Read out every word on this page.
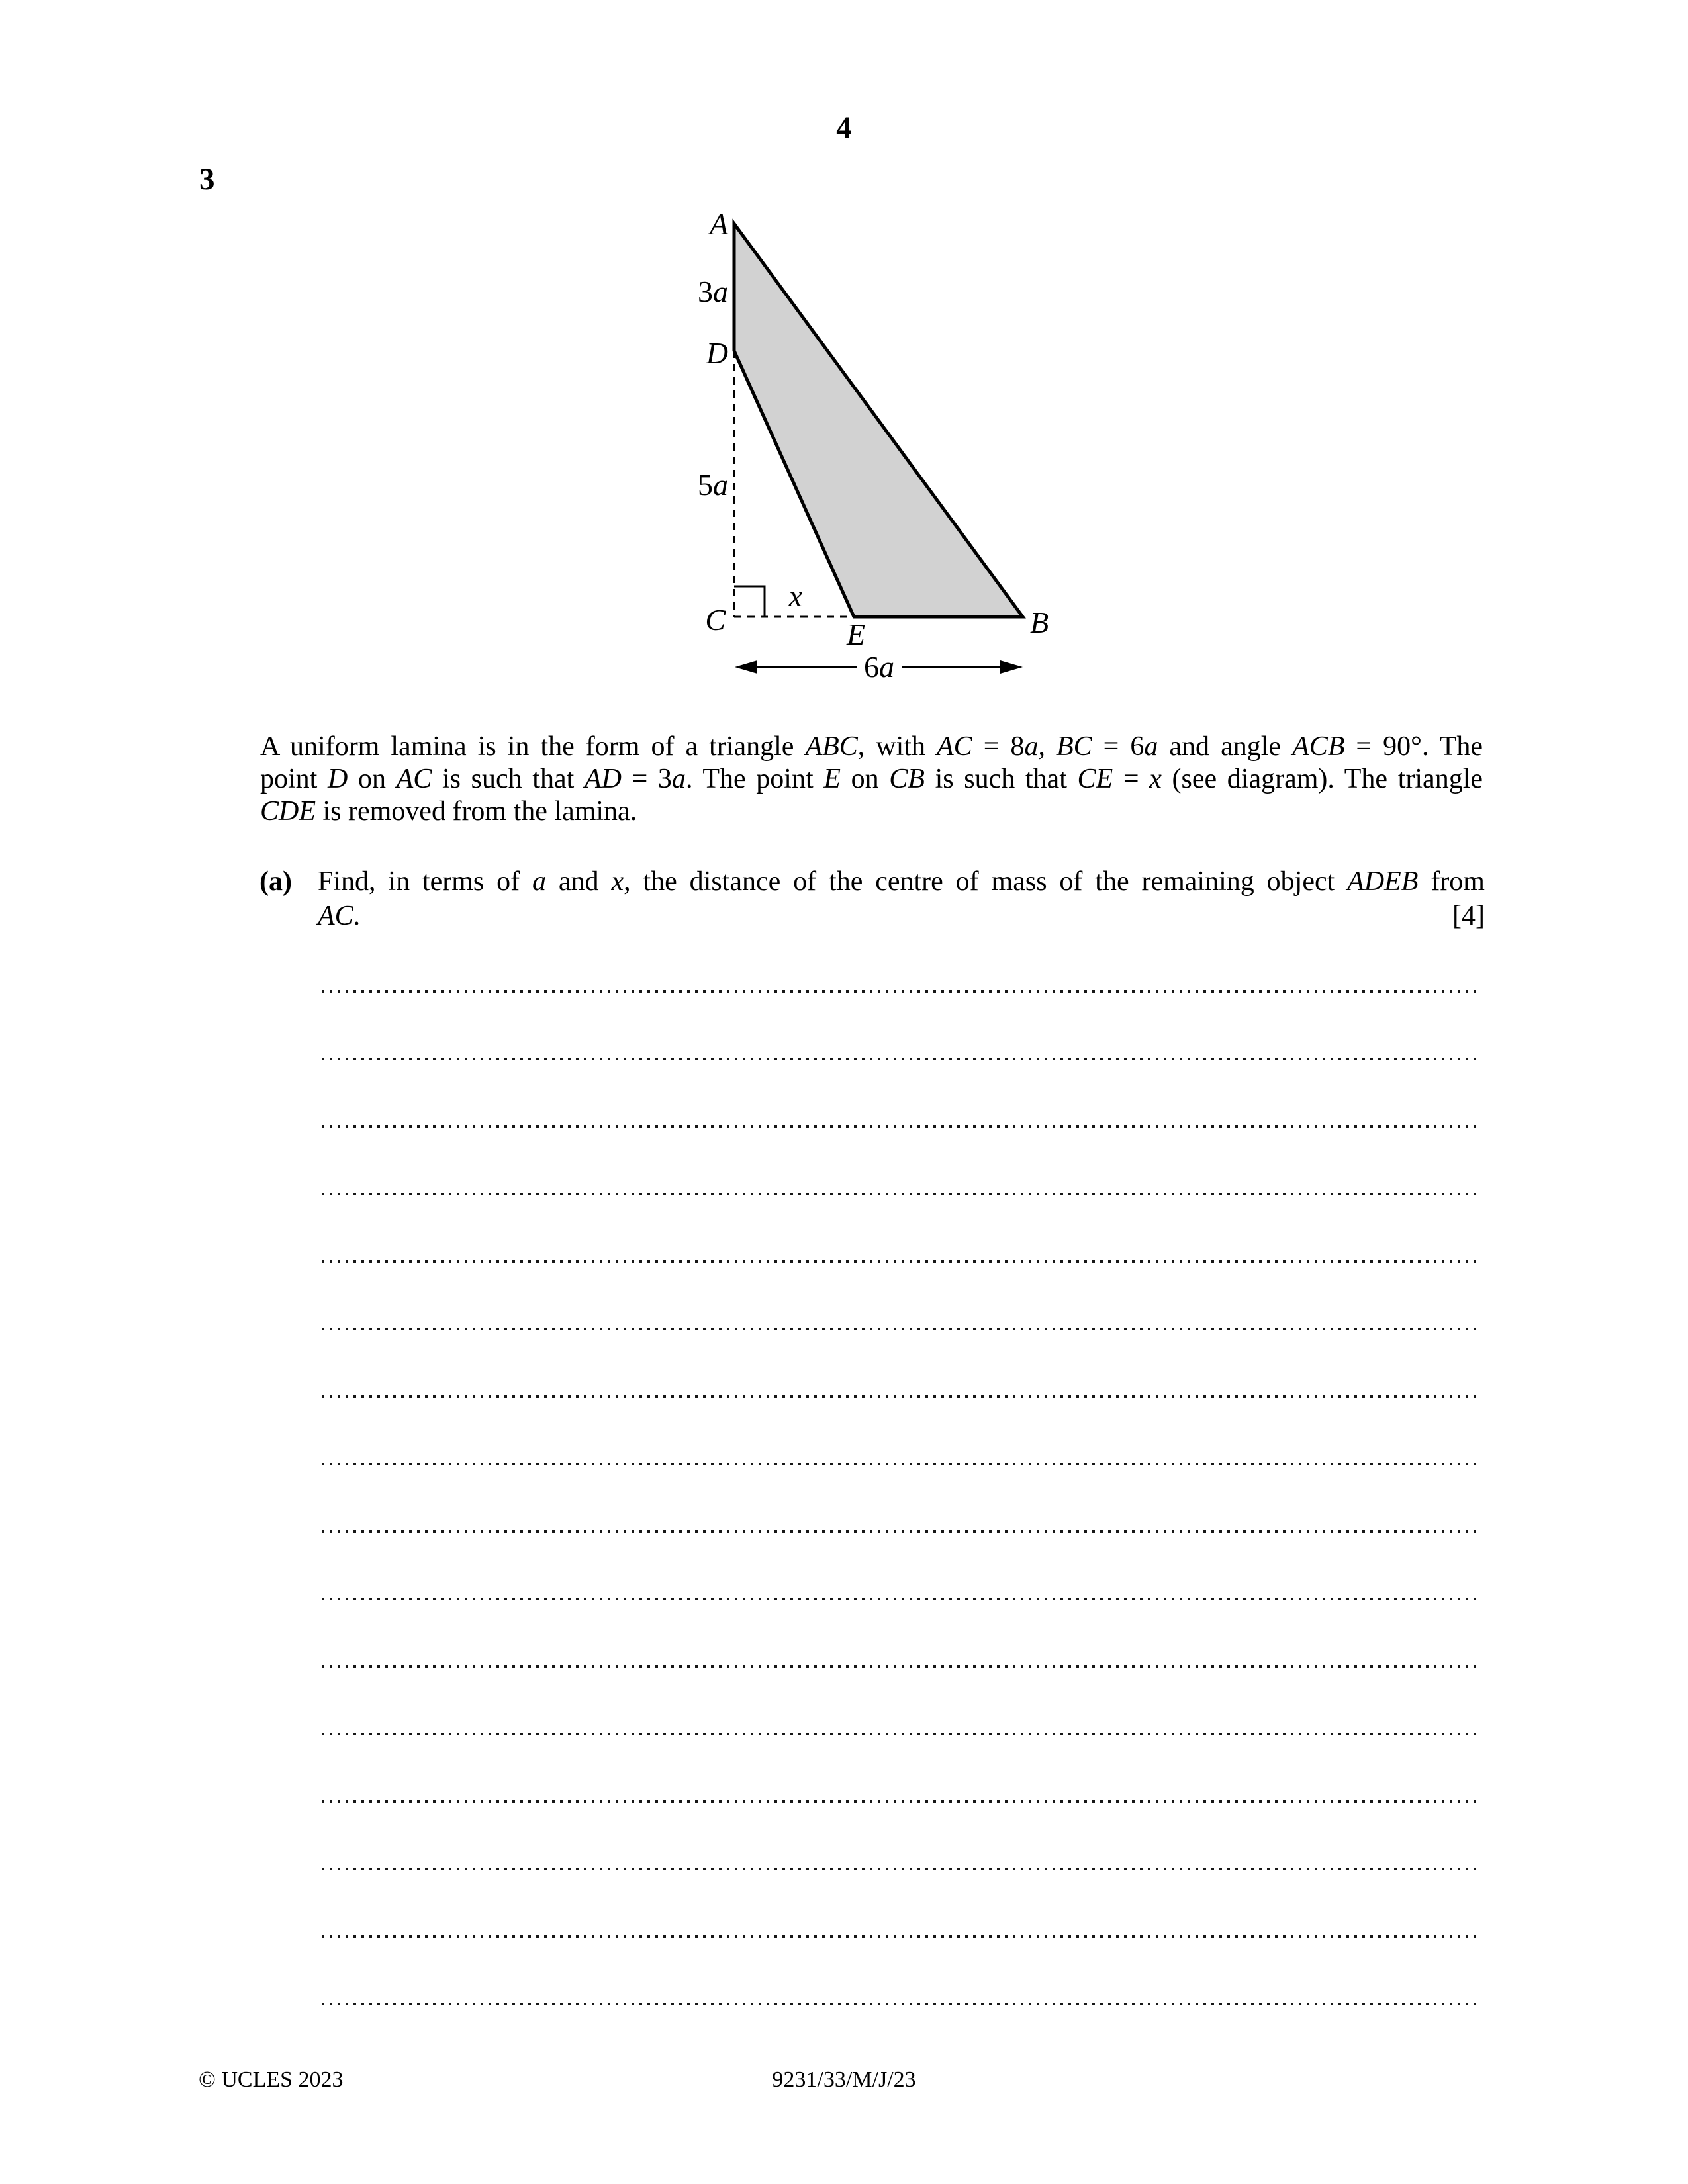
4
3
A
3a
D
5a
C
x
E	B
6a
A uniform lamina is in the form of a triangle ABC, with AC = 8a, BC = 6a and angle ACB = 90°. The
point D on AC is such that AD = 3a. The point E on CB is such that CE = x (see diagram). The triangle
CDE is removed from the lamina.
(a) Find, in terms of a and x, the distance of the centre of mass of the remaining object ADEB from
AC.	[4]
© UCLES 2023	9231/33/M/J/23
